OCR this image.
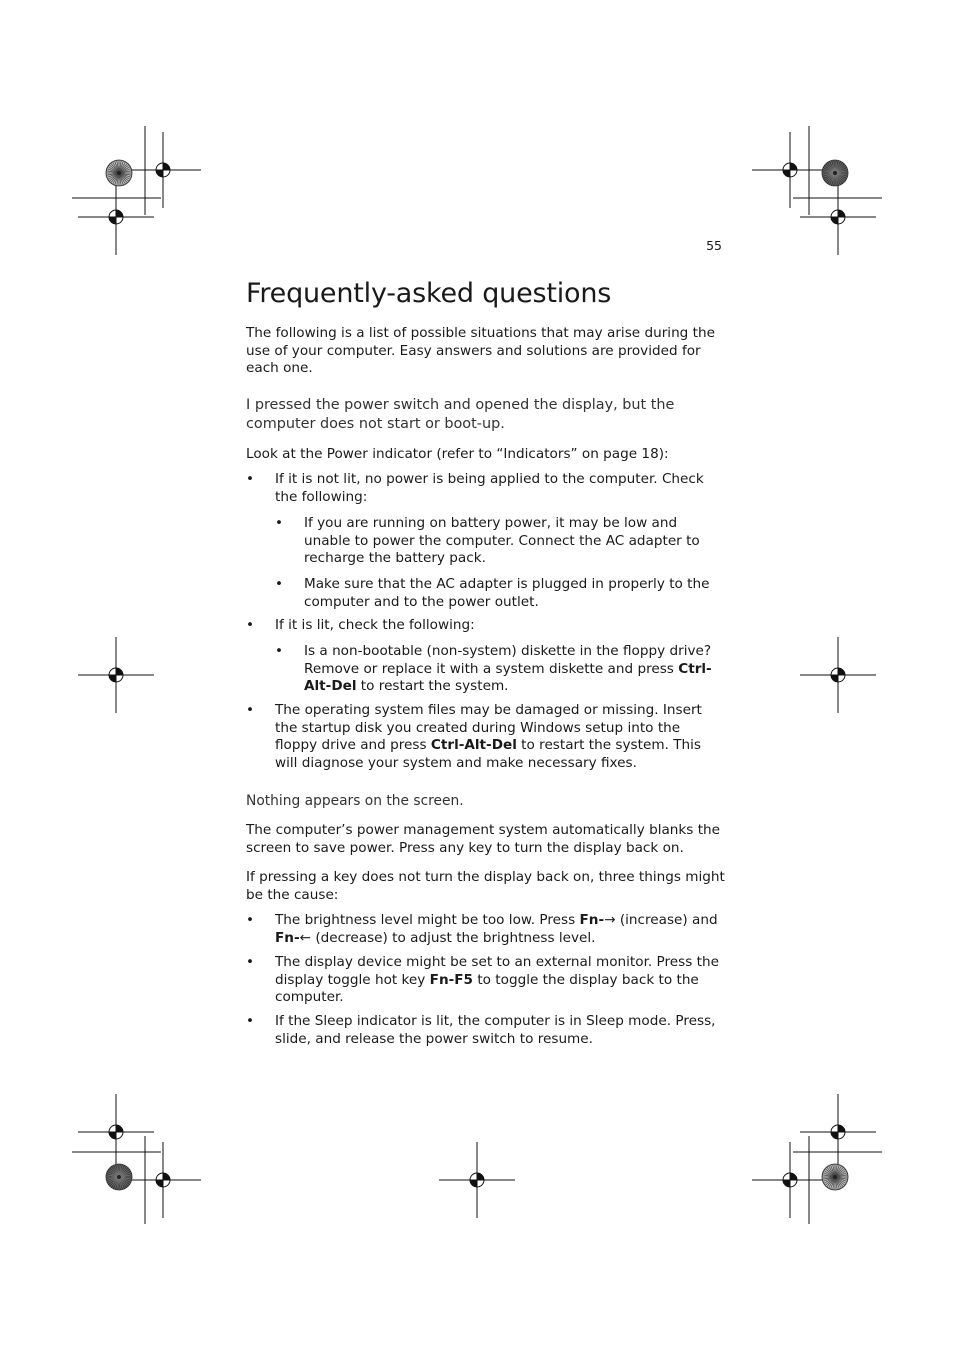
55
Frequently-asked questions

The following is a list of possible situations that may arise during the use of your computer. Easy answers and solutions are provided for each one.

I pressed the power switch and opened the display, but the computer does not start or boot-up.

Look at the Power indicator (refer to “Indicators” on page 18):

• If it is not lit, no power is being applied to the computer. Check the following:
• If you are running on battery power, it may be low and unable to power the computer. Connect the AC adapter to recharge the battery pack.
• Make sure that the AC adapter is plugged in properly to the computer and to the power outlet.
• If it is lit, check the following:
• Is a non-bootable (non-system) diskette in the floppy drive? Remove or replace it with a system diskette and press Ctrl-Alt-Del to restart the system.
• The operating system files may be damaged or missing. Insert the startup disk you created during Windows setup into the floppy drive and press Ctrl-Alt-Del to restart the system. This will diagnose your system and make necessary fixes.
Nothing appears on the screen.

The computer’s power management system automatically blanks the screen to save power. Press any key to turn the display back on.

If pressing a key does not turn the display back on, three things might be the cause:

• The brightness level might be too low. Press Fn-→ (increase) and Fn-← (decrease) to adjust the brightness level.
• The display device might be set to an external monitor. Press the display toggle hot key Fn-F5 to toggle the display back to the computer.
• If the Sleep indicator is lit, the computer is in Sleep mode. Press, slide, and release the power switch to resume.
